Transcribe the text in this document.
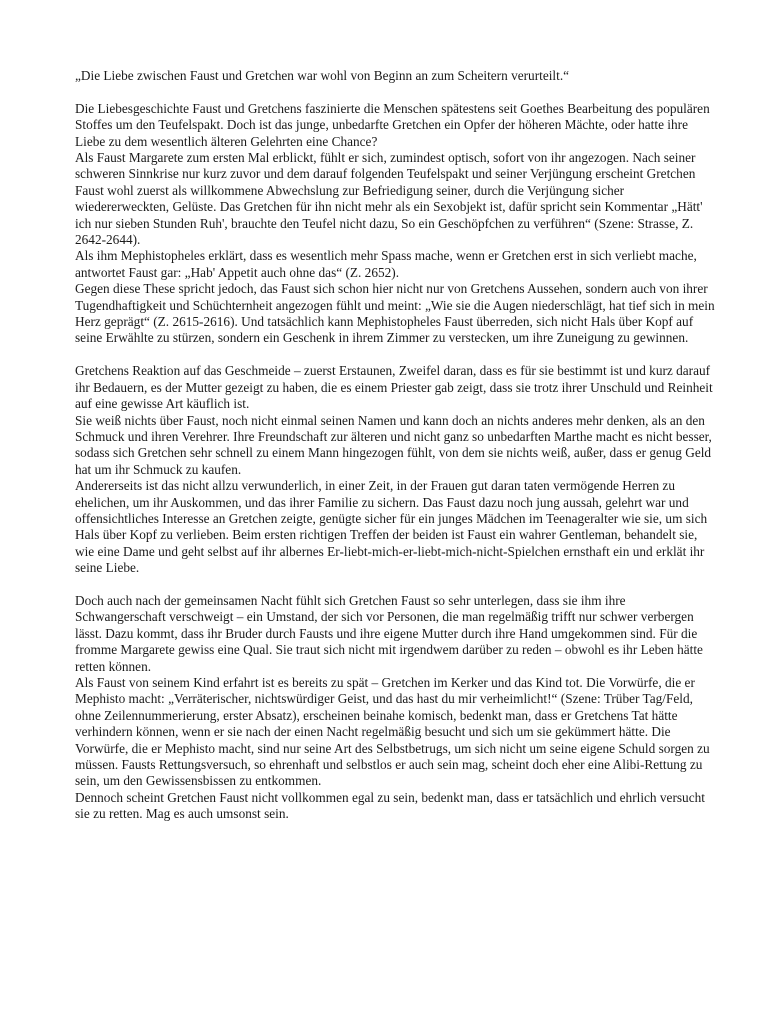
„Die Liebe zwischen Faust und Gretchen war wohl von Beginn an zum Scheitern verurteilt.“

Die Liebesgeschichte Faust und Gretchens faszinierte die Menschen spätestens seit Goethes Bearbeitung des populären Stoffes um den Teufelspakt. Doch ist das junge, unbedarfte Gretchen ein Opfer der höheren Mächte, oder hatte ihre Liebe zu dem wesentlich älteren Gelehrten eine Chance?

Als Faust Margarete zum ersten Mal erblickt, fühlt er sich, zumindest optisch, sofort von ihr angezogen. Nach seiner schweren Sinnkrise nur kurz zuvor und dem darauf folgenden Teufelspakt und seiner Verjüngung erscheint Gretchen Faust wohl zuerst als willkommene Abwechslung zur Befriedigung seiner, durch die Verjüngung sicher wiedererweckten, Gelüste. Das Gretchen für ihn nicht mehr als ein Sexobjekt ist, dafür spricht sein Kommentar „Hätt' ich nur sieben Stunden Ruh', brauchte den Teufel nicht dazu, So ein Geschöpfchen zu verführen“ (Szene: Strasse, Z. 2642-2644).

Als ihm Mephistopheles erklärt, dass es wesentlich mehr Spass mache, wenn er Gretchen erst in sich verliebt mache, antwortet Faust gar: „Hab' Appetit auch ohne das“ (Z. 2652).

Gegen diese These spricht jedoch, das Faust sich schon hier nicht nur von Gretchens Aussehen, sondern auch von ihrer Tugendhaftigkeit und Schüchternheit angezogen fühlt und meint: „Wie sie die Augen niederschlägt, hat tief sich in mein Herz geprägt“ (Z. 2615-2616). Und tatsächlich kann Mephistopheles Faust überreden, sich nicht Hals über Kopf auf seine Erwählte zu stürzen, sondern ein Geschenk in ihrem Zimmer zu verstecken, um ihre Zuneigung zu gewinnen.

Gretchens Reaktion auf das Geschmeide – zuerst Erstaunen, Zweifel daran, dass es für sie bestimmt ist und kurz darauf ihr Bedauern, es der Mutter gezeigt zu haben, die es einem Priester gab zeigt, dass sie trotz ihrer Unschuld und Reinheit auf eine gewisse Art käuflich ist.

Sie weiß nichts über Faust, noch nicht einmal seinen Namen und kann doch an nichts anderes mehr denken, als an den Schmuck und ihren Verehrer. Ihre Freundschaft zur älteren und nicht ganz so unbedarften Marthe macht es nicht besser, sodass sich Gretchen sehr schnell zu einem Mann hingezogen fühlt, von dem sie nichts weiß, außer, dass er genug Geld hat um ihr Schmuck zu kaufen.

Andererseits ist das nicht allzu verwunderlich, in einer Zeit, in der Frauen gut daran taten vermögende Herren zu ehelichen, um ihr Auskommen, und das ihrer Familie zu sichern. Das Faust dazu noch jung aussah, gelehrt war und offensichtliches Interesse an Gretchen zeigte, genügte sicher für ein junges Mädchen im Teenageralter wie sie, um sich Hals über Kopf zu verlieben. Beim ersten richtigen Treffen der beiden ist Faust ein wahrer Gentleman, behandelt sie, wie eine Dame und geht selbst auf ihr albernes Er-liebt-mich-er-liebt-mich-nicht-Spielchen ernsthaft ein und erklät ihr seine Liebe.

Doch auch nach der gemeinsamen Nacht fühlt sich Gretchen Faust so sehr unterlegen, dass sie ihm ihre Schwangerschaft verschweigt – ein Umstand, der sich vor Personen, die man regelmäßig trifft nur schwer verbergen lässt. Dazu kommt, dass ihr Bruder durch Fausts und ihre eigene Mutter durch ihre Hand umgekommen sind. Für die fromme Margarete gewiss eine Qual. Sie traut sich nicht mit irgendwem darüber zu reden – obwohl es ihr Leben hätte retten können.

Als Faust von seinem Kind erfahrt ist es bereits zu spät – Gretchen im Kerker und das Kind tot. Die Vorwürfe, die er Mephisto macht: „Verräterischer, nichtswürdiger Geist, und das hast du mir verheimlicht!“ (Szene: Trüber Tag/Feld, ohne Zeilennummerierung, erster Absatz), erscheinen beinahe komisch, bedenkt man, dass er Gretchens Tat hätte verhindern können, wenn er sie nach der einen Nacht regelmäßig besucht und sich um sie gekümmert hätte. Die Vorwürfe, die er Mephisto macht, sind nur seine Art des Selbstbetrugs, um sich nicht um seine eigene Schuld sorgen zu müssen. Fausts Rettungsversuch, so ehrenhaft und selbstlos er auch sein mag, scheint doch eher eine Alibi-Rettung zu sein, um den Gewissensbissen zu entkommen.

Dennoch scheint Gretchen Faust nicht vollkommen egal zu sein, bedenkt man, dass er tatsächlich und ehrlich versucht sie zu retten. Mag es auch umsonst sein.
